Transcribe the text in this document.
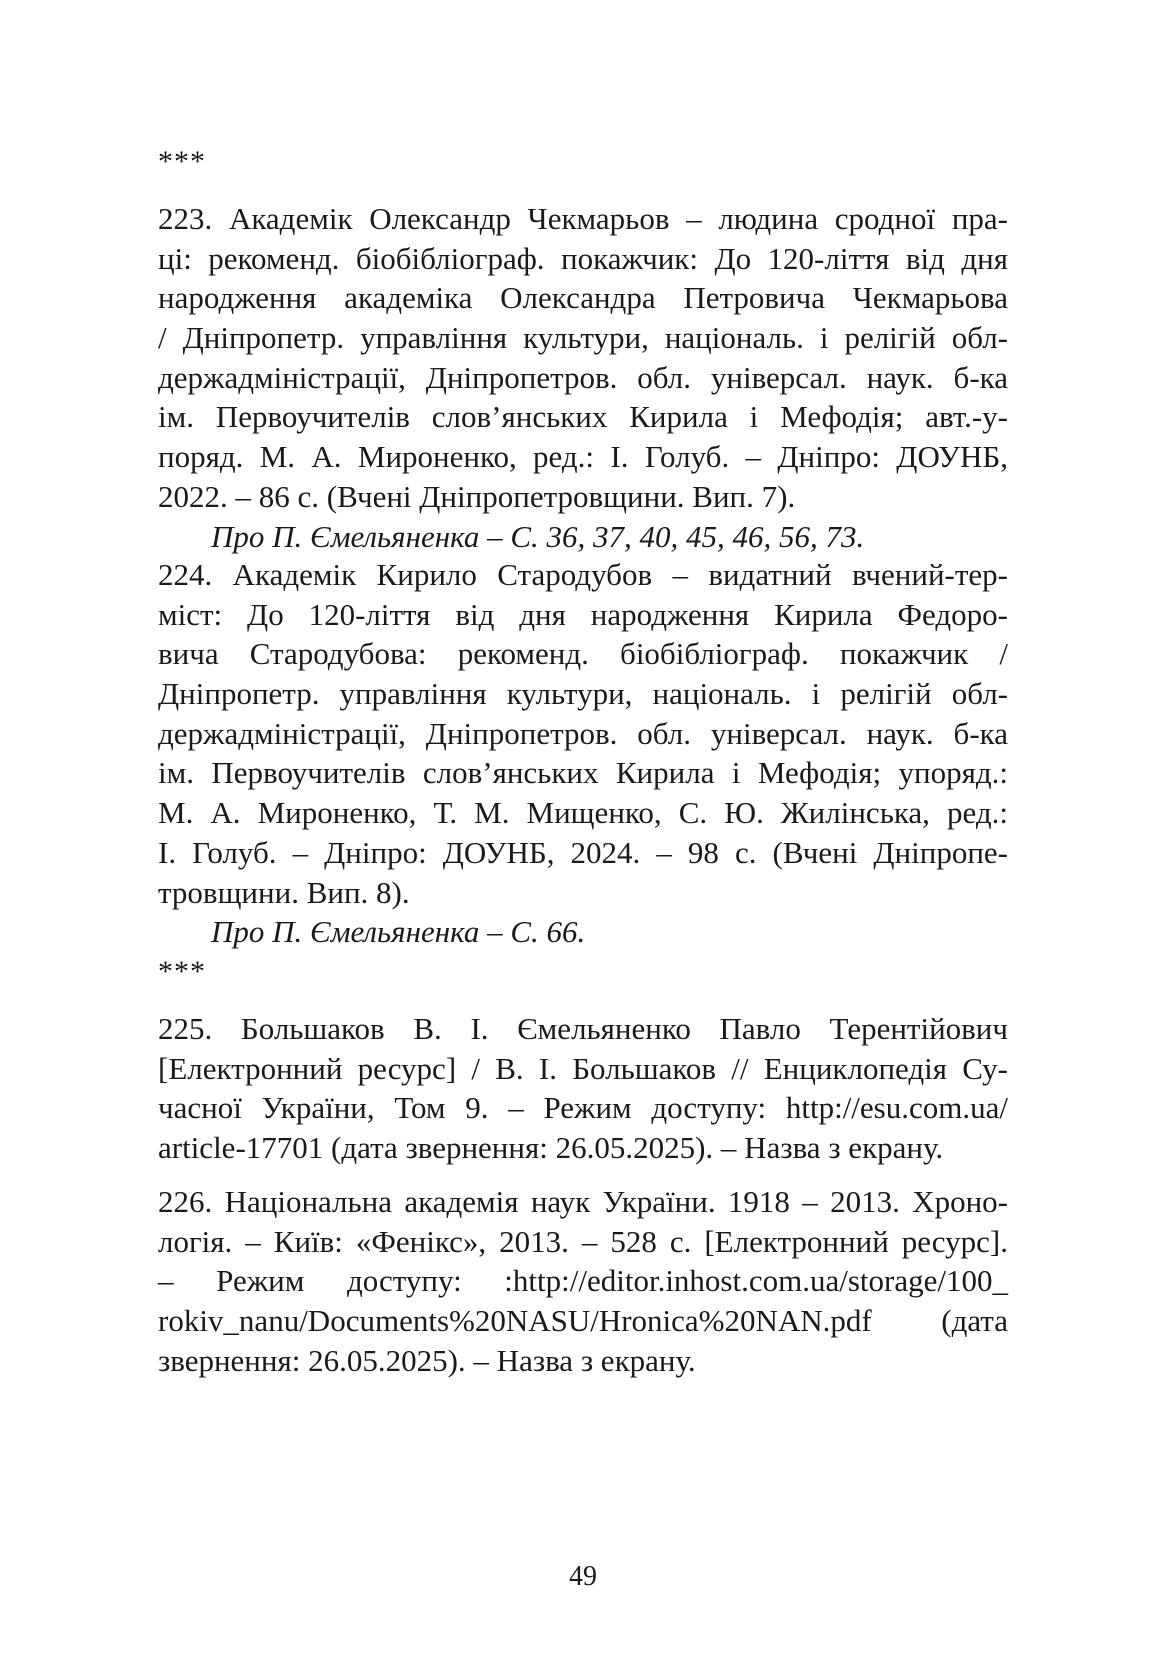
***
223. Академік Олександр Чекмарьов – людина сродної пра-
ці: рекоменд. біобібліограф. покажчик: До 120-ліття від дня
народження академіка Олександра Петровича Чекмарьова
/ Дніпропетр. управління культури, національ. і релігій обл-
держадміністрації, Дніпропетров. обл. універсал. наук. б-ка
ім. Первоучителів слов’янських Кирила і Мефодія; авт.-у-
поряд. М. А. Мироненко, ред.: І. Голуб. – Дніпро: ДОУНБ,
2022. – 86 с. (Вчені Дніпропетровщини. Вип. 7).
Про П. Ємельяненка – С. 36, 37, 40, 45, 46, 56, 73.
224. Академік Кирило Стародубов – видатний вчений-тер-
міст: До 120-ліття від дня народження Кирила Федоро-
вича Стародубова: рекоменд. біобібліограф. покажчик /
Дніпропетр. управління культури, національ. і релігій обл-
держадміністрації, Дніпропетров. обл. універсал. наук. б-ка
ім. Первоучителів слов’янських Кирила і Мефодія; упоряд.:
М. А. Мироненко, Т. М. Мищенко, С. Ю. Жилінська, ред.:
І. Голуб. – Дніпро: ДОУНБ, 2024. – 98 с. (Вчені Дніпропе-
тровщини. Вип. 8).
Про П. Ємельяненка – С. 66.
***
225. Большаков В. І. Ємельяненко Павло Терентійович
[Електронний ресурс] / В. І. Большаков // Енциклопедія Су-
часної України, Том 9. – Режим доступу: http://esu.com.ua/
article-17701 (дата звернення: 26.05.2025). – Назва з екрану.
226. Національна академія наук України. 1918 – 2013. Хроно-
логія. – Київ: «Фенікс», 2013. – 528 с. [Електронний ресурс].
– Режим доступу: :http://editor.inhost.com.ua/storage/100_
rokiv_nanu/Documents%20NASU/Hronica%20NAN.pdf (дата
звернення: 26.05.2025). – Назва з екрану.
49
